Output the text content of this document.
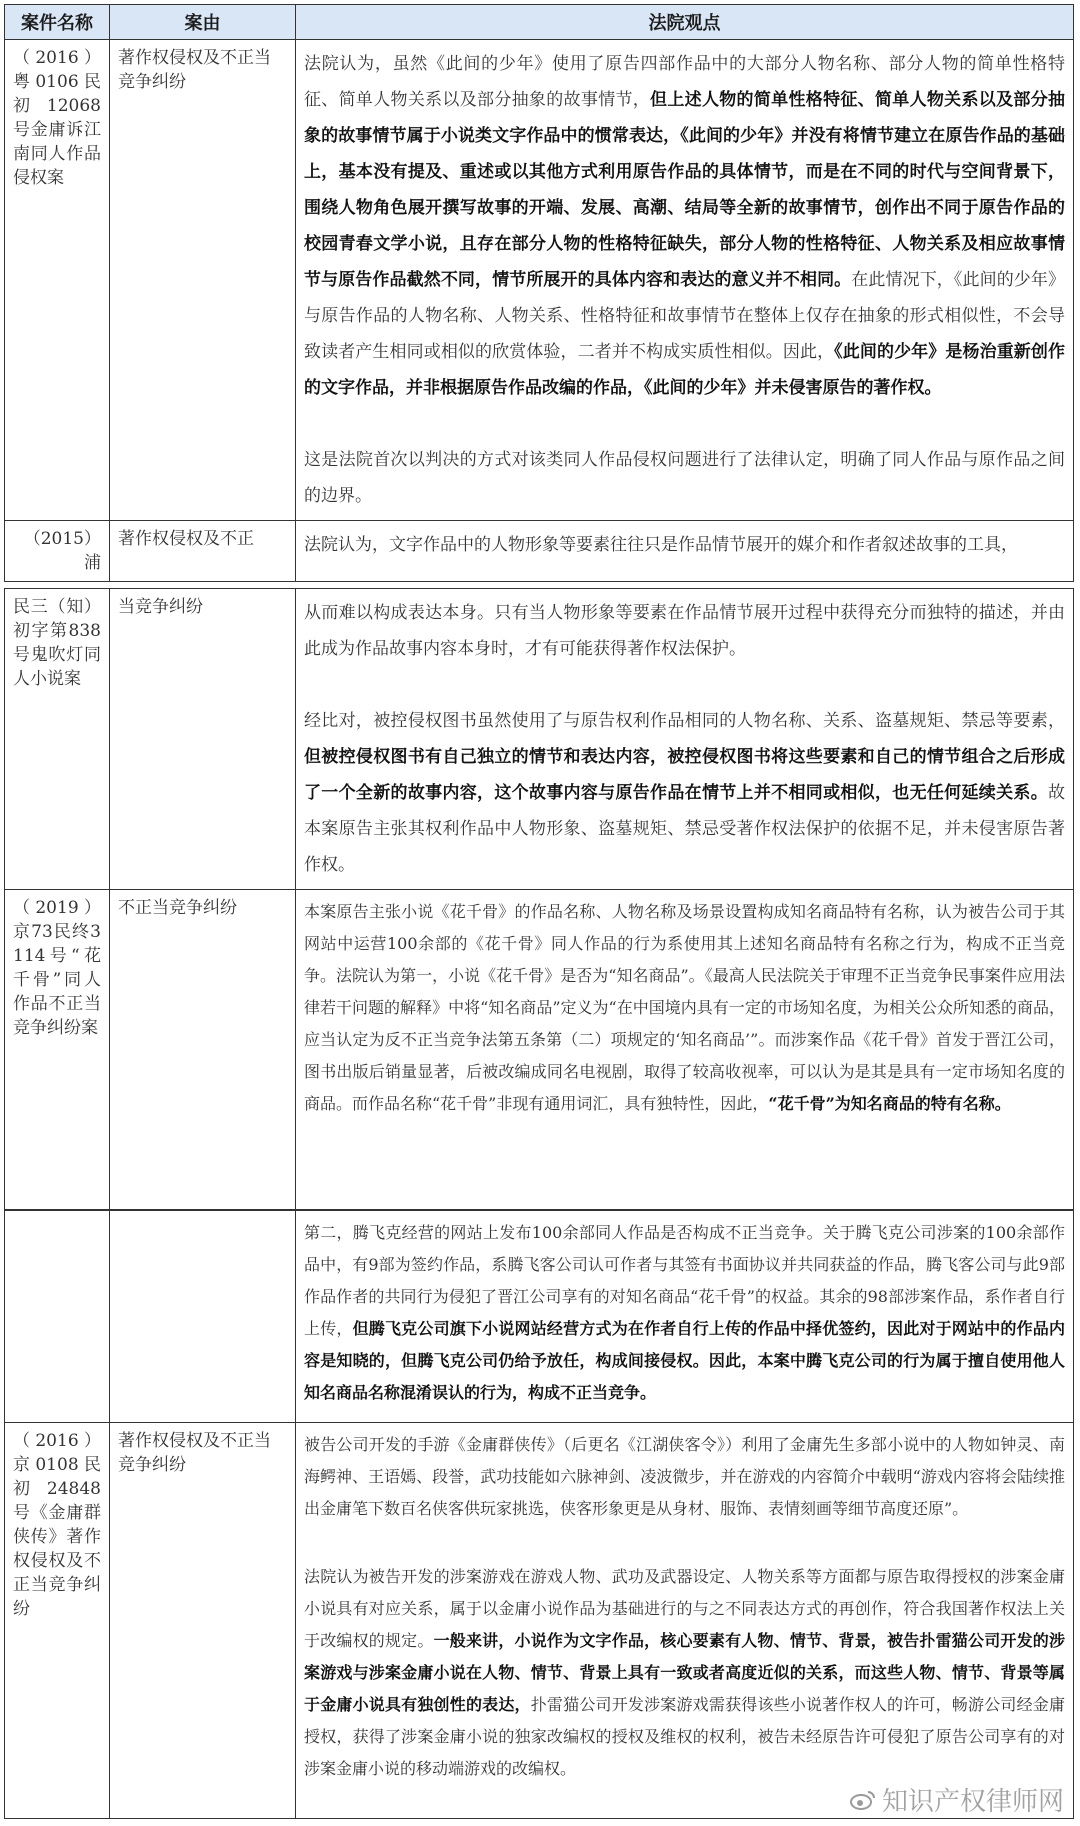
案件名称	案由	法院观点
（2016）粤0106民初12068号金庸诉江南同人作品侵权案	著作权侵权及不正当竞争纠纷	法院认为，虽然《此间的少年》使用了原告四部作品中的大部分人物名称、部分人物的简单性格特征、简单人物关系以及部分抽象的故事情节，但上述人物的简单性格特征、简单人物关系以及部分抽象的故事情节属于小说类文字作品中的惯常表达，《此间的少年》并没有将情节建立在原告作品的基础上，基本没有提及、重述或以其他方式利用原告作品的具体情节，而是在不同的时代与空间背景下，围绕人物角色展开撰写故事的开端、发展、高潮、结局等全新的故事情节，创作出不同于原告作品的校园青春文学小说，且存在部分人物的性格特征缺失，部分人物的性格特征、人物关系及相应故事情节与原告作品截然不同，情节所展开的具体内容和表达的意义并不相同。在此情况下，《此间的少年》与原告作品的人物名称、人物关系、性格特征和故事情节在整体上仅存在抽象的形式相似性，不会导致读者产生相同或相似的欣赏体验，二者并不构成实质性相似。因此，《此间的少年》是杨治重新创作的文字作品，并非根据原告作品改编的作品，《此间的少年》并未侵害原告的著作权。

这是法院首次以判决的方式对该类同人作品侵权问题进行了法律认定，明确了同人作品与原作品之间的边界。

（2015）浦	著作权侵权及不正	法院认为，文字作品中的人物形象等要素往往只是作品情节展开的媒介和作者叙述故事的工具，
民三（知）初字第838号鬼吹灯同人小说案	当竞争纠纷	从而难以构成表达本身。只有当人物形象等要素在作品情节展开过程中获得充分而独特的描述，并由此成为作品故事内容本身时，才有可能获得著作权法保护。

经比对，被控侵权图书虽然使用了与原告权利作品相同的人物名称、关系、盗墓规矩、禁忌等要素，但被控侵权图书有自己独立的情节和表达内容，被控侵权图书将这些要素和自己的情节组合之后形成了一个全新的故事内容，这个故事内容与原告作品在情节上并不相同或相似，也无任何延续关系。故本案原告主张其权利作品中人物形象、盗墓规矩、禁忌受著作权法保护的依据不足，并未侵害原告著作权。

（2019）京73民终3114号“花千骨”同人作品不正当竞争纠纷案	不正当竞争纠纷	本案原告主张小说《花千骨》的作品名称、人物名称及场景设置构成知名商品特有名称，认为被告公司于其网站中运营100余部的《花千骨》同人作品的行为系使用其上述知名商品特有名称之行为，构成不正当竞争。法院认为第一，小说《花千骨》是否为“知名商品”。《最高人民法院关于审理不正当竞争民事案件应用法律若干问题的解释》中将“知名商品”定义为“在中国境内具有一定的市场知名度，为相关公众所知悉的商品，应当认定为反不正当竞争法第五条第（二）项规定的‘知名商品’”。而涉案作品《花千骨》首发于晋江公司，图书出版后销量显著，后被改编成同名电视剧，取得了较高收视率，可以认为是其是具有一定市场知名度的商品。而作品名称“花千骨”非现有通用词汇，具有独特性，因此，“花千骨”为知名商品的特有名称。

		第二，腾飞克经营的网站上发布100余部同人作品是否构成不正当竞争。关于腾飞克公司涉案的100余部作品中，有9部为签约作品，系腾飞客公司认可作者与其签有书面协议并共同获益的作品，腾飞客公司与此9部作品作者的共同行为侵犯了晋江公司享有的对知名商品“花千骨”的权益。其余的98部涉案作品，系作者自行上传，但腾飞克公司旗下小说网站经营方式为在作者自行上传的作品中择优签约，因此对于网站中的作品内容是知晓的，但腾飞克公司仍给予放任，构成间接侵权。因此，本案中腾飞克公司的行为属于擅自使用他人知名商品名称混淆误认的行为，构成不正当竞争。

（2016）京0108民初24848号《金庸群侠传》著作权侵权及不正当竞争纠纷	著作权侵权及不正当竞争纠纷	被告公司开发的手游《金庸群侠传》（后更名《江湖侠客令》）利用了金庸先生多部小说中的人物如钟灵、南海鳄神、王语嫣、段誉，武功技能如六脉神剑、凌波微步，并在游戏的内容简介中载明“游戏内容将会陆续推出金庸笔下数百名侠客供玩家挑选，侠客形象更是从身材、服饰、表情刻画等细节高度还原”。

法院认为被告开发的涉案游戏在游戏人物、武功及武器设定、人物关系等方面都与原告取得授权的涉案金庸小说具有对应关系，属于以金庸小说作品为基础进行的与之不同表达方式的再创作，符合我国著作权法上关于改编权的规定。一般来讲，小说作为文字作品，核心要素有人物、情节、背景，被告扑雷猫公司开发的涉案游戏与涉案金庸小说在人物、情节、背景上具有一致或者高度近似的关系，而这些人物、情节、背景等属于金庸小说具有独创性的表达，扑雷猫公司开发涉案游戏需获得该些小说著作权人的许可，畅游公司经金庸授权，获得了涉案金庸小说的独家改编权的授权及维权的权利，被告未经原告许可侵犯了原告公司享有的对涉案金庸小说的移动端游戏的改编权。

知识产权律师网
